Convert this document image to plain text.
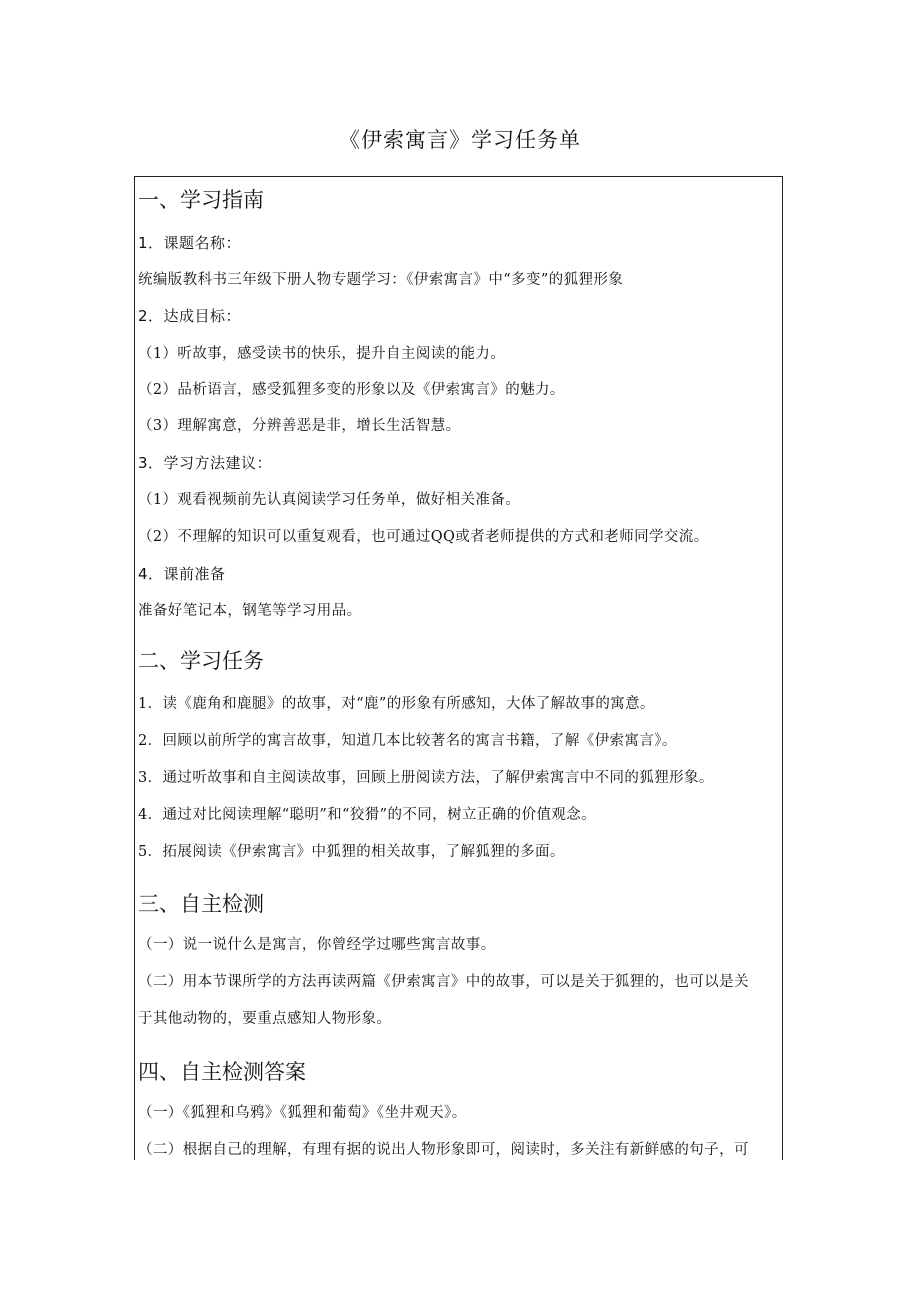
《伊索寓言》学习任务单
一、学习指南
1．课题名称：
统编版教科书三年级下册人物专题学习：《伊索寓言》中“多变”的狐狸形象
2．达成目标：
（1）听故事，感受读书的快乐，提升自主阅读的能力。
（2）品析语言，感受狐狸多变的形象以及《伊索寓言》的魅力。
（3）理解寓意，分辨善恶是非，增长生活智慧。
3．学习方法建议：
（1）观看视频前先认真阅读学习任务单，做好相关准备。
（2）不理解的知识可以重复观看，也可通过QQ或者老师提供的方式和老师同学交流。
4．课前准备
准备好笔记本，钢笔等学习用品。
二、学习任务
1．读《鹿角和鹿腿》的故事，对“鹿”的形象有所感知，大体了解故事的寓意。
2．回顾以前所学的寓言故事，知道几本比较著名的寓言书籍，了解《伊索寓言》。
3．通过听故事和自主阅读故事，回顾上册阅读方法，了解伊索寓言中不同的狐狸形象。
4．通过对比阅读理解“聪明”和“狡猾”的不同，树立正确的价值观念。
5．拓展阅读《伊索寓言》中狐狸的相关故事，了解狐狸的多面。
三、自主检测
（一）说一说什么是寓言，你曾经学过哪些寓言故事。
（二）用本节课所学的方法再读两篇《伊索寓言》中的故事，可以是关于狐狸的，也可以是关
于其他动物的，要重点感知人物形象。
四、自主检测答案
（一）《狐狸和乌鸦》《狐狸和葡萄》《坐井观天》。
（二）根据自己的理解，有理有据的说出人物形象即可，阅读时，多关注有新鲜感的句子，可
